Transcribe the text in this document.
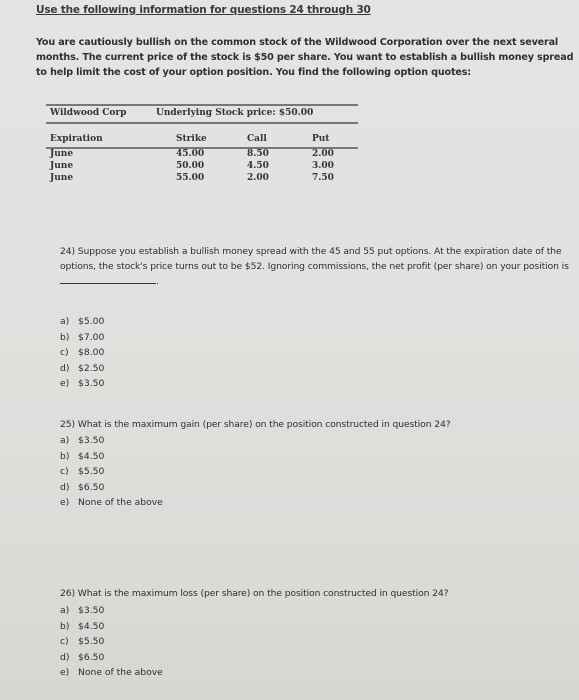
Use the following information for questions 24 through 30
You are cautiously bullish on the common stock of the Wildwood Corporation over the next several months. The current price of the stock is $50 per share. You want to establish a bullish money spread to help limit the cost of your option position. You find the following option quotes:
Wildwood Corp	Underlying Stock price: $50.00
Expiration	Strike	Call	Put
June	45.00	8.50	2.00
June	50.00	4.50	3.00
June	55.00	2.00	7.50
24) Suppose you establish a bullish money spread with the 45 and 55 put options. At the expiration date of the options, the stock's price turns out to be $52. Ignoring commissions, the net profit (per share) on your position is .
a) $5.00
b) $7.00
c)	$8.00
d) $2.50
e) $3.50
25) What is the maximum gain (per share) on the position constructed in question 24?
a) $3.50
b) $4.50
c)	$5.50
d) $6.50
e) None of the above
26) What is the maximum loss (per share) on the position constructed in question 24?
a) $3.50
b) $4.50
c)	$5.50
d) $6.50
e) None of the above
